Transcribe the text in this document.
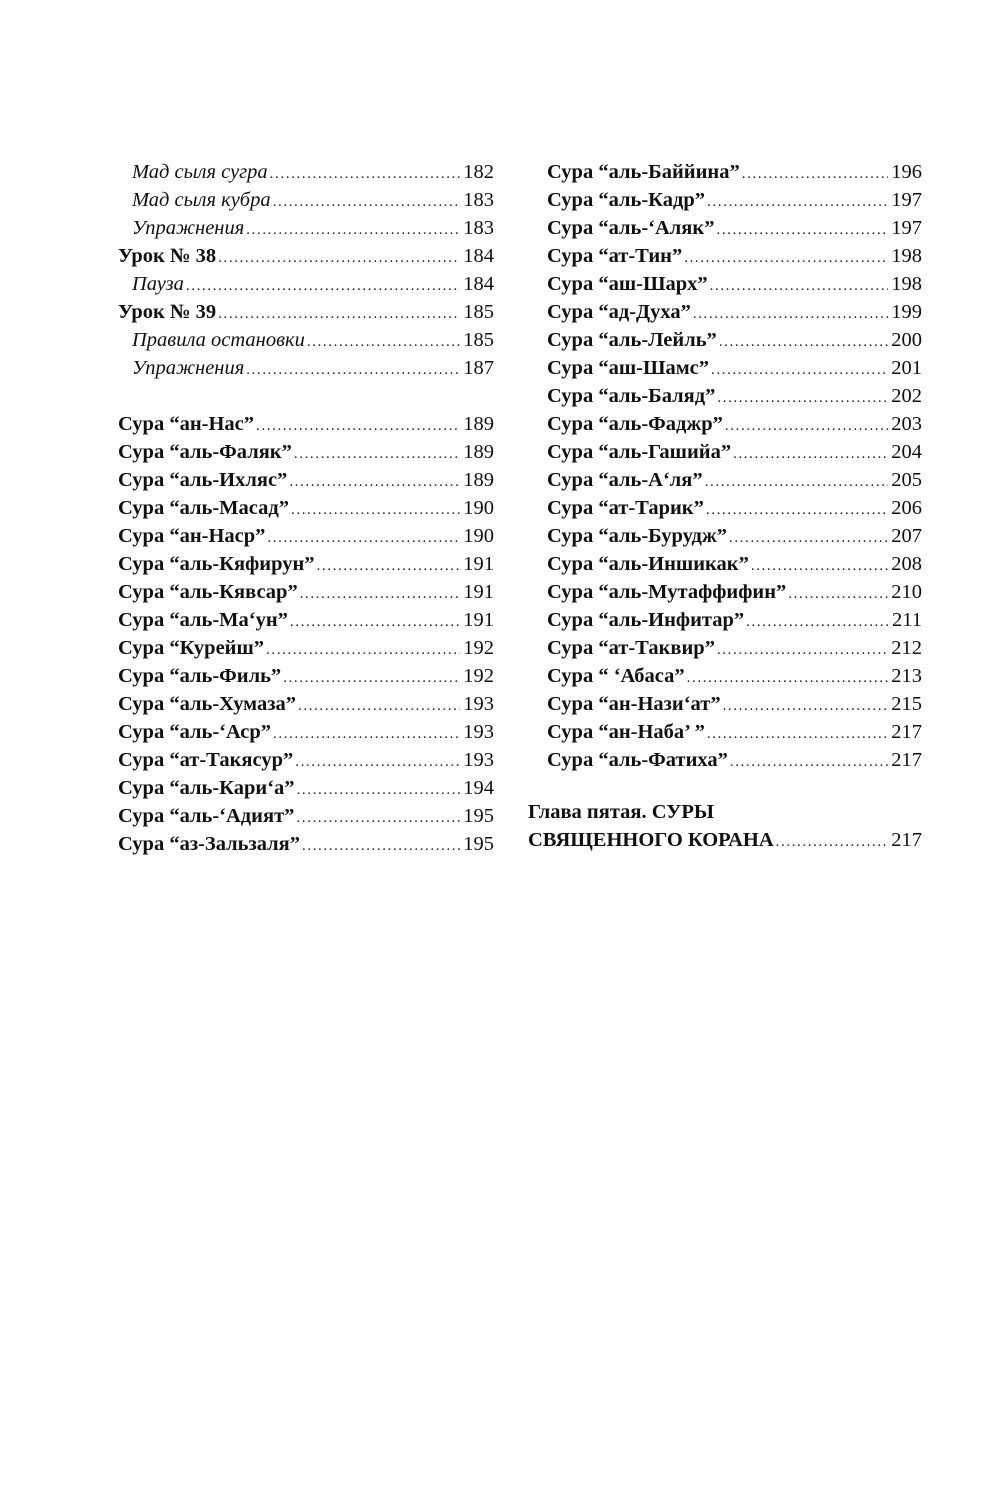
Мад сыля сугра .....	182
Мад сыля кубра .....	183
Упражнения .....	183
Урок № 38 .....	184
Пауза .....	184
Урок № 39 .....	185
Правила остановки .....	185
Упражнения .....	187
Сура “ан-Нас” .....	189
Сура “аль-Фаляк” .....	189
Сура “аль-Ихляс” .....	189
Сура “аль-Масад” .....	190
Сура “ан-Наср” .....	190
Сура “аль-Кяфирун” .....	191
Сура “аль-Кявсар” .....	191
Сура “аль-Ма‘ун” .....	191
Сура “Курейш” .....	192
Сура “аль-Филь” .....	192
Сура “аль-Хумаза” .....	193
Сура “аль-‘Аср” .....	193
Сура “ат-Такясур” .....	193
Сура “аль-Кари‘а” .....	194
Сура “аль-‘Адият” .....	195
Сура “аз-Зальзаля” .....	195
Сура “аль-Баййина” .....	196
Сура “аль-Кадр” .....	197
Сура “аль-‘Аляк” .....	197
Сура “ат-Тин” .....	198
Сура “аш-Шарх” .....	198
Сура “ад-Духа” .....	199
Сура “аль-Лейль” .....	200
Сура “аш-Шамс” .....	201
Сура “аль-Баляд” .....	202
Сура “аль-Фаджр” .....	203
Сура “аль-Гашийа” .....	204
Сура “аль-А‘ля” .....	205
Сура “ат-Тарик” .....	206
Сура “аль-Бурудж” .....	207
Сура “аль-Иншикак” .....	208
Сура “аль-Мутаффифин” .....	210
Сура “аль-Инфитар” .....	211
Сура “ат-Таквир” .....	212
Сура “ ‘Абаса” .....	213
Сура “ан-Нази‘ат” .....	215
Сура “ан-Наба’ ” .....	217
Сура “аль-Фатиха” .....	217
Глава пятая. СУРЫ
СВЯЩЕННОГО КОРАНА .....	217
